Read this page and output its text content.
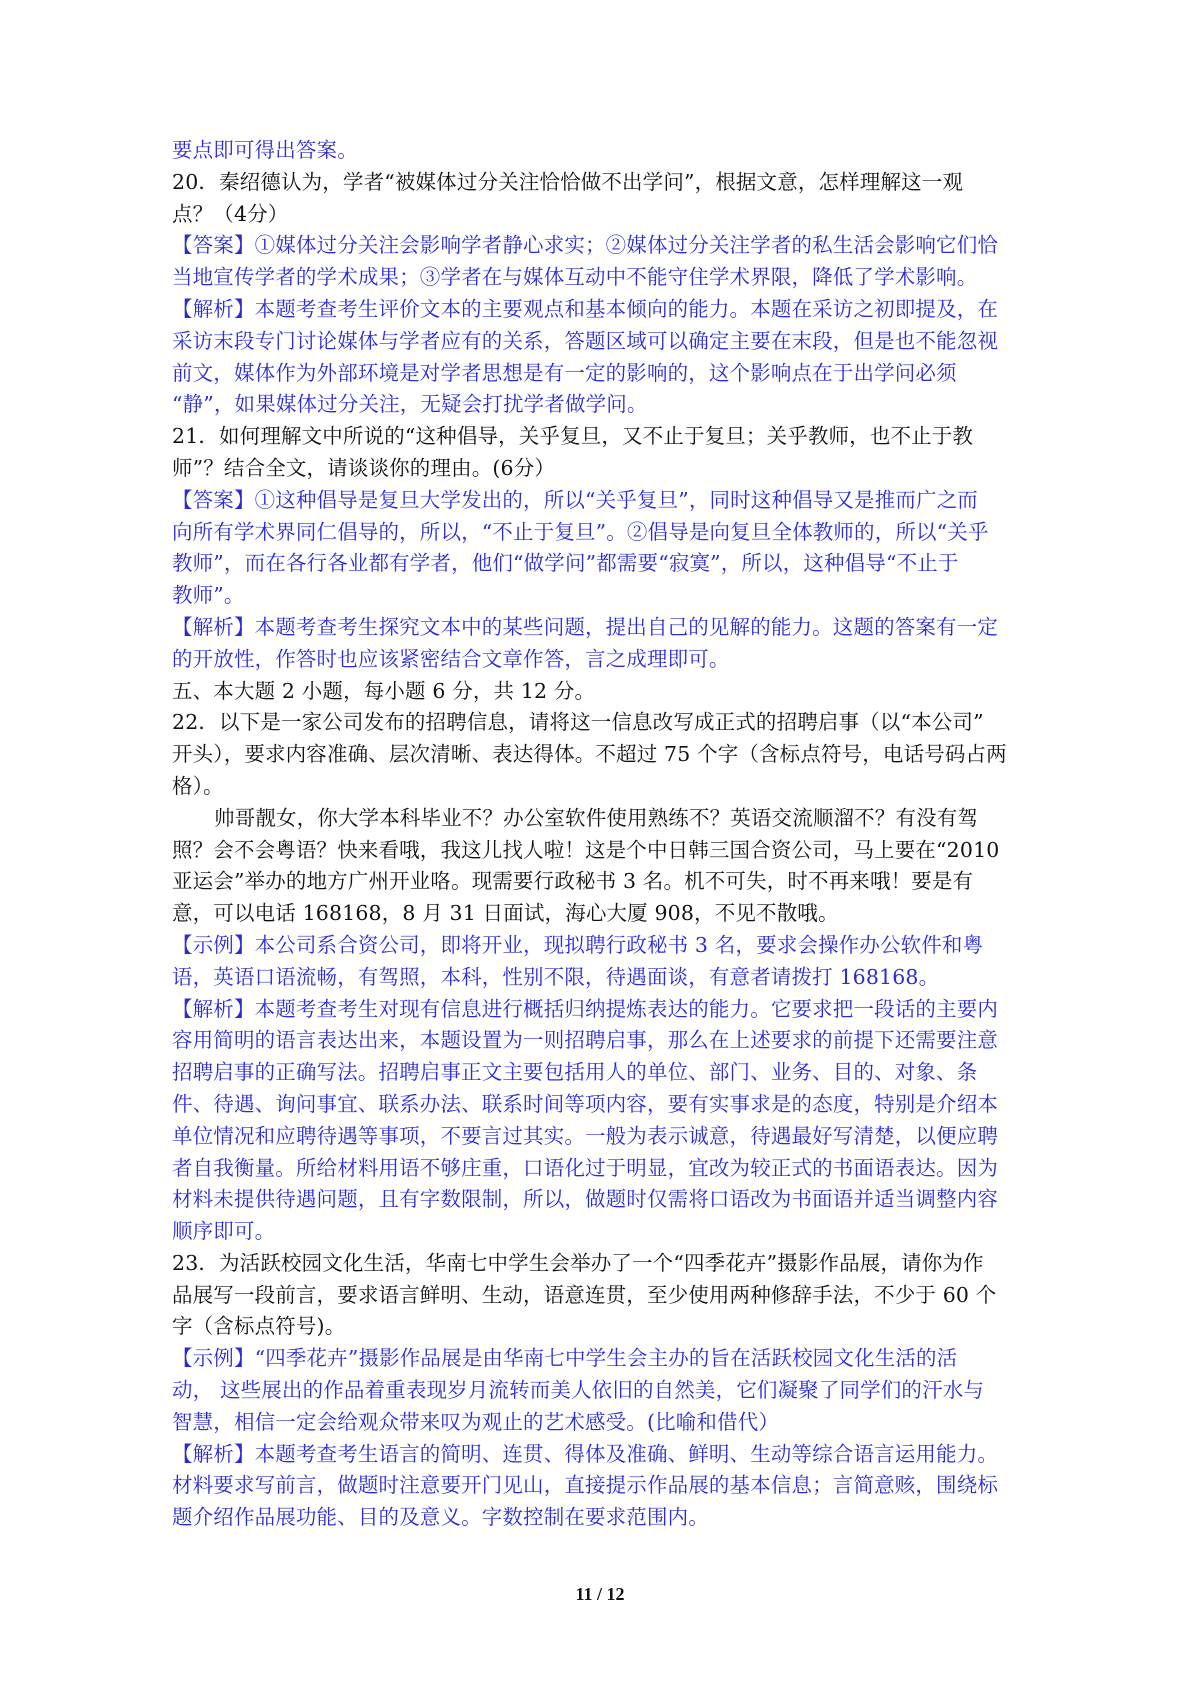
要点即可得出答案。
20．秦绍德认为，学者“被媒体过分关注恰恰做不出学问”，根据文意，怎样理解这一观
点？（4分）
【答案】①媒体过分关注会影响学者静心求实；②媒体过分关注学者的私生活会影响它们恰
当地宣传学者的学术成果；③学者在与媒体互动中不能守住学术界限，降低了学术影响。
【解析】本题考查考生评价文本的主要观点和基本倾向的能力。本题在采访之初即提及，在
采访末段专门讨论媒体与学者应有的关系，答题区域可以确定主要在末段，但是也不能忽视
前文，媒体作为外部环境是对学者思想是有一定的影响的，这个影响点在于出学问必须
“静”，如果媒体过分关注，无疑会打扰学者做学问。
21．如何理解文中所说的“这种倡导，关乎复旦，又不止于复旦；关乎教师，也不止于教
师”？结合全文，请谈谈你的理由。(6分）
【答案】①这种倡导是复旦大学发出的，所以“关乎复旦”，同时这种倡导又是推而广之而
向所有学术界同仁倡导的，所以，“不止于复旦”。②倡导是向复旦全体教师的，所以“关乎
教师”，而在各行各业都有学者，他们“做学问”都需要“寂寞”，所以，这种倡导“不止于
教师”。
【解析】本题考查考生探究文本中的某些问题，提出自己的见解的能力。这题的答案有一定
的开放性，作答时也应该紧密结合文章作答，言之成理即可。
五、本大题 2 小题，每小题 6 分，共 12 分。
22．以下是一家公司发布的招聘信息，请将这一信息改写成正式的招聘启事（以“本公司”
开头），要求内容准确、层次清晰、表达得体。不超过 75 个字（含标点符号，电话号码占两
格）。
帅哥靓女，你大学本科毕业不？办公室软件使用熟练不？英语交流顺溜不？有没有驾
照？会不会粤语？快来看哦，我这儿找人啦！这是个中日韩三国合资公司，马上要在“2010
亚运会”举办的地方广州开业咯。现需要行政秘书 3 名。机不可失，时不再来哦！要是有
意，可以电话 168168，8 月 31 日面试，海心大厦 908，不见不散哦。
【示例】本公司系合资公司，即将开业，现拟聘行政秘书 3 名，要求会操作办公软件和粤
语，英语口语流畅，有驾照，本科，性别不限，待遇面谈，有意者请拨打 168168。
【解析】本题考查考生对现有信息进行概括归纳提炼表达的能力。它要求把一段话的主要内
容用简明的语言表达出来，本题设置为一则招聘启事，那么在上述要求的前提下还需要注意
招聘启事的正确写法。招聘启事正文主要包括用人的单位、部门、业务、目的、对象、条
件、待遇、询问事宜、联系办法、联系时间等项内容，要有实事求是的态度，特别是介绍本
单位情况和应聘待遇等事项，不要言过其实。一般为表示诚意，待遇最好写清楚，以便应聘
者自我衡量。所给材料用语不够庄重，口语化过于明显，宜改为较正式的书面语表达。因为
材料未提供待遇问题，且有字数限制，所以，做题时仅需将口语改为书面语并适当调整内容
顺序即可。
23．为活跃校园文化生活，华南七中学生会举办了一个“四季花卉”摄影作品展，请你为作
品展写一段前言，要求语言鲜明、生动，语意连贯，至少使用两种修辞手法，不少于 60 个
字（含标点符号)。
【示例】“四季花卉”摄影作品展是由华南七中学生会主办的旨在活跃校园文化生活的活
动， 这些展出的作品着重表现岁月流转而美人依旧的自然美，它们凝聚了同学们的汗水与
智慧，相信一定会给观众带来叹为观止的艺术感受。(比喻和借代）
【解析】本题考查考生语言的简明、连贯、得体及准确、鲜明、生动等综合语言运用能力。
材料要求写前言，做题时注意要开门见山，直接提示作品展的基本信息；言简意赅，围绕标
题介绍作品展功能、目的及意义。字数控制在要求范围内。
11 / 12
